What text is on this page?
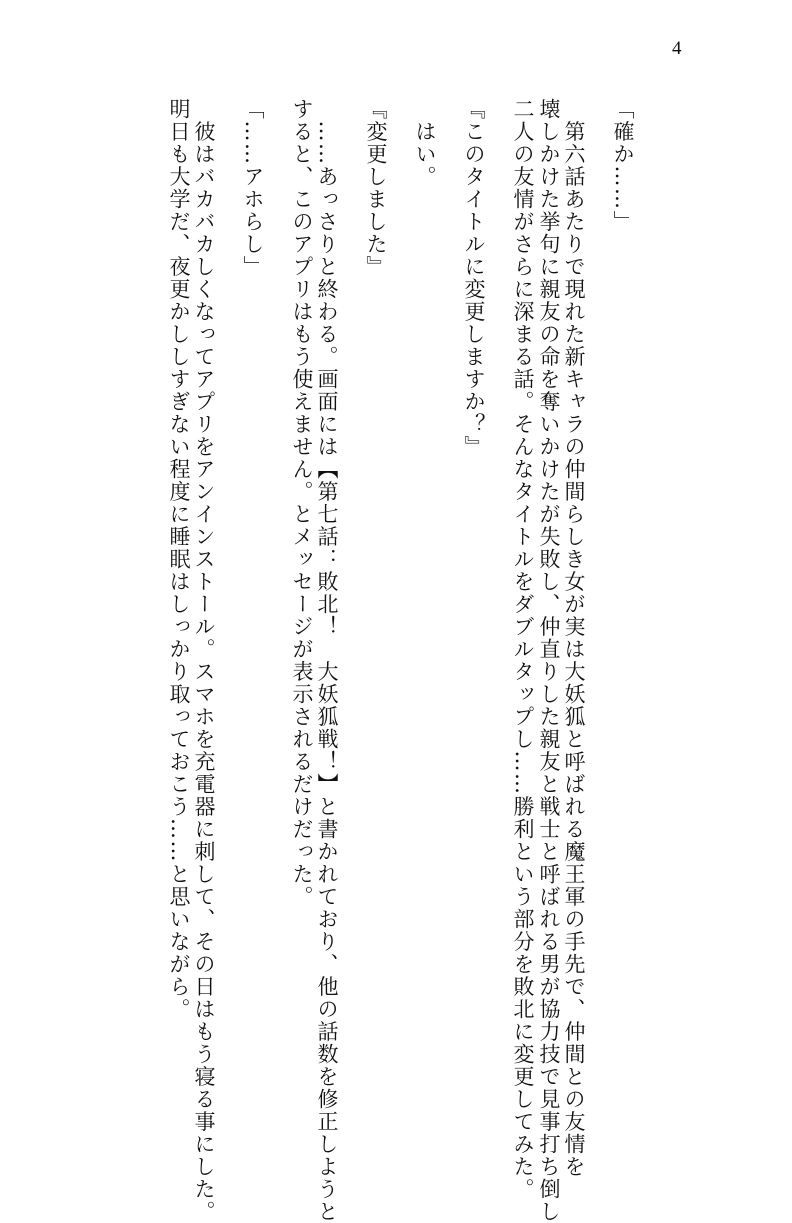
4
「確か……」
　第六話あたりで現れた新キャラの仲間らしき女が実は大妖狐と呼ばれる魔王軍の手先で、仲間との友情を
壊しかけた挙句に親友の命を奪いかけたが失敗し、仲直りした親友と戦士と呼ばれる男が協力技で見事打ち倒し
二人の友情がさらに深まる話。そんなタイトルをダブルタップし……勝利という部分を敗北に変更してみた。
『このタイトルに変更しますか？』
　はい。
『変更しました』
　……あっさりと終わる。画面には【第七話：敗北！　大妖狐戦！】と書かれており、他の話数を修正しようと
すると、このアプリはもう使えません。とメッセージが表示されるだけだった。
「……アホらし」
　彼はバカバカしくなってアプリをアンインストール。スマホを充電器に刺して、その日はもう寝る事にした。
明日も大学だ、夜更かししすぎない程度に睡眠はしっかり取っておこう……と思いながら。
